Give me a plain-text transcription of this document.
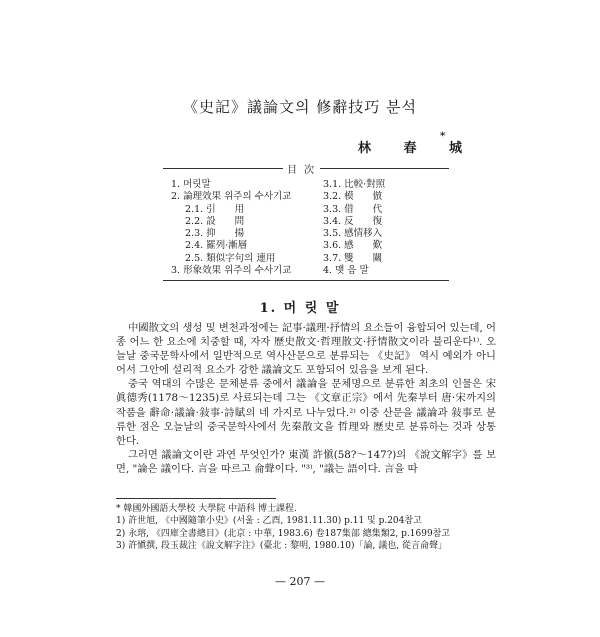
《史記》議論文의 修辭技巧 분석
林 春 城
*
目 次
1. 머릿말
2. 論理效果 위주의 수사기교
2.1. 引　　用
2.2. 設　　問
2.3. 抑　　揚
2.4. 羅列·漸層
2.5. 類似字句의 連用
3. 形象效果 위주의 수사기교
3.1. 比較·對照
3.2. 模　　倣
3.3. 借　　代
3.4. 反　　復
3.5. 感情移入
3.6. 感　　歎
3.7. 雙　　關
4. 맺 음 말
1. 머 릿 말

中國散文의 생성 및 변천과정에는 記事·議理·抒情의 요소들이 융합되어 있는데, 어종 어느 한 요소에 치중할 때, 자자 歷史散文·哲理散文·抒情散文이라 불리운다¹⁾. 오늘날 중국문학사에서 일반적으로 역사산문으로 분류되는 《史記》 역시 예외가 아니어서 그안에 설리적 요소가 강한 議論文도 포함되어 있음을 보게 된다.

중국 역대의 수많은 문체분류 중에서 議論을 문체명으로 분류한 최초의 인물은 宋 眞德秀(1178～1235)로 사료되는데 그는 《文章正宗》에서 先秦부터 唐·宋까지의 작품을 辭命·議論·敍事·詩賦의 네 가지로 나누었다.²⁾ 이중 산문을 議論과 敍事로 분류한 점은 오늘날의 중국문학사에서 先秦散文을 哲理와 歷史로 분류하는 것과 상통한다.

그러면 議論文이란 과연 무엇인가? 東漢 許愼(58?～147?)의 《說文解字》를 보면, "論은 議이다. 言을 따르고 侖聲이다. "³⁾, "議는 語이다. 言을 따

* 韓國外國語大學校 大學院 中語科 博士課程.
1) 許世旭, 《中國隨筆小史》(서울 : 乙酉, 1981.11.30) p.11 및 p.204참고
2) 永瑢, 《四庫全書總目》(北京 : 中華, 1983.6) 卷187集部 總集類2, p.1699참고
3) 許愼撰, 段玉裁注《說文解字注》(臺北 : 黎明, 1980.10)「論, 議也, 從言侖聲」
— 207 —
